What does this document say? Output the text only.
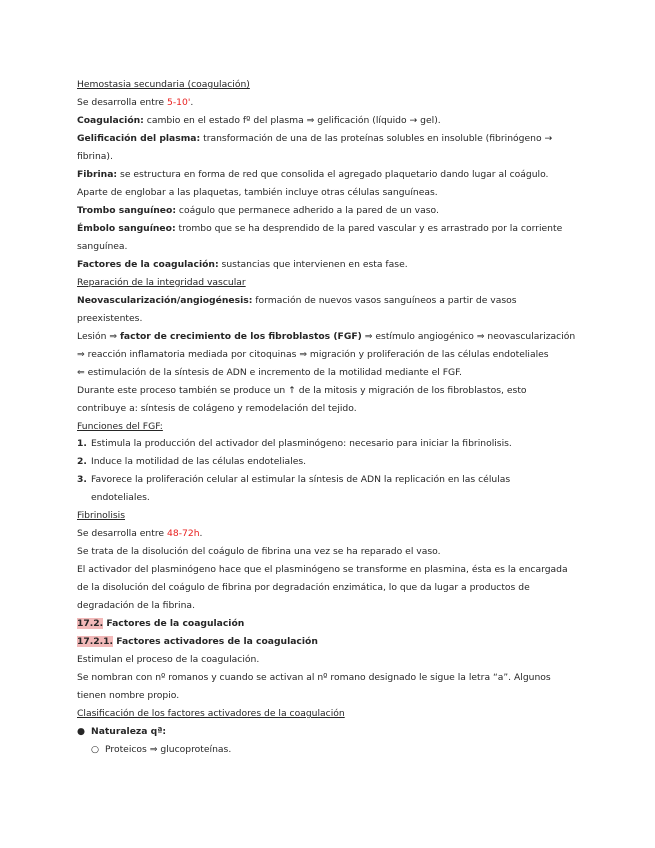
Hemostasia secundaria (coagulación)
Se desarrolla entre 5-10'.
Coagulación: cambio en el estado fº del plasma ⇒ gelificación (líquido → gel).
Gelificación del plasma: transformación de una de las proteínas solubles en insoluble (fibrinógeno →
fibrina).
Fibrina: se estructura en forma de red que consolida el agregado plaquetario dando lugar al coágulo.
Aparte de englobar a las plaquetas, también incluye otras células sanguíneas.
Trombo sanguíneo: coágulo que permanece adherido a la pared de un vaso.
Émbolo sanguíneo: trombo que se ha desprendido de la pared vascular y es arrastrado por la corriente
sanguínea.
Factores de la coagulación: sustancias que intervienen en esta fase.
Reparación de la integridad vascular
Neovascularización/angiogénesis: formación de nuevos vasos sanguíneos a partir de vasos
preexistentes.
Lesión ⇒ factor de crecimiento de los fibroblastos (FGF) ⇒ estímulo angiogénico ⇒ neovascularización
⇒ reacción inflamatoria mediada por citoquinas ⇒ migración y proliferación de las células endoteliales
⇐ estimulación de la síntesis de ADN e incremento de la motilidad mediante el FGF.
Durante este proceso también se produce un ↑ de la mitosis y migración de los fibroblastos, esto
contribuye a: síntesis de colágeno y remodelación del tejido.
Funciones del FGF:
1. Estimula la producción del activador del plasminógeno: necesario para iniciar la fibrinolisis.
2. Induce la motilidad de las células endoteliales.
3. Favorece la proliferación celular al estimular la síntesis de ADN la replicación en las células
endoteliales.
Fibrinolisis
Se desarrolla entre 48-72h.
Se trata de la disolución del coágulo de fibrina una vez se ha reparado el vaso.
El activador del plasminógeno hace que el plasminógeno se transforme en plasmina, ésta es la encargada
de la disolución del coágulo de fibrina por degradación enzimática, lo que da lugar a productos de
degradación de la fibrina.
17.2. Factores de la coagulación
17.2.1. Factores activadores de la coagulación
Estimulan el proceso de la coagulación.
Se nombran con nº romanos y cuando se activan al nº romano designado le sigue la letra “a”. Algunos
tienen nombre propio.
Clasificación de los factores activadores de la coagulación
● Naturaleza qª:
○ Proteicos ⇒ glucoproteínas.
